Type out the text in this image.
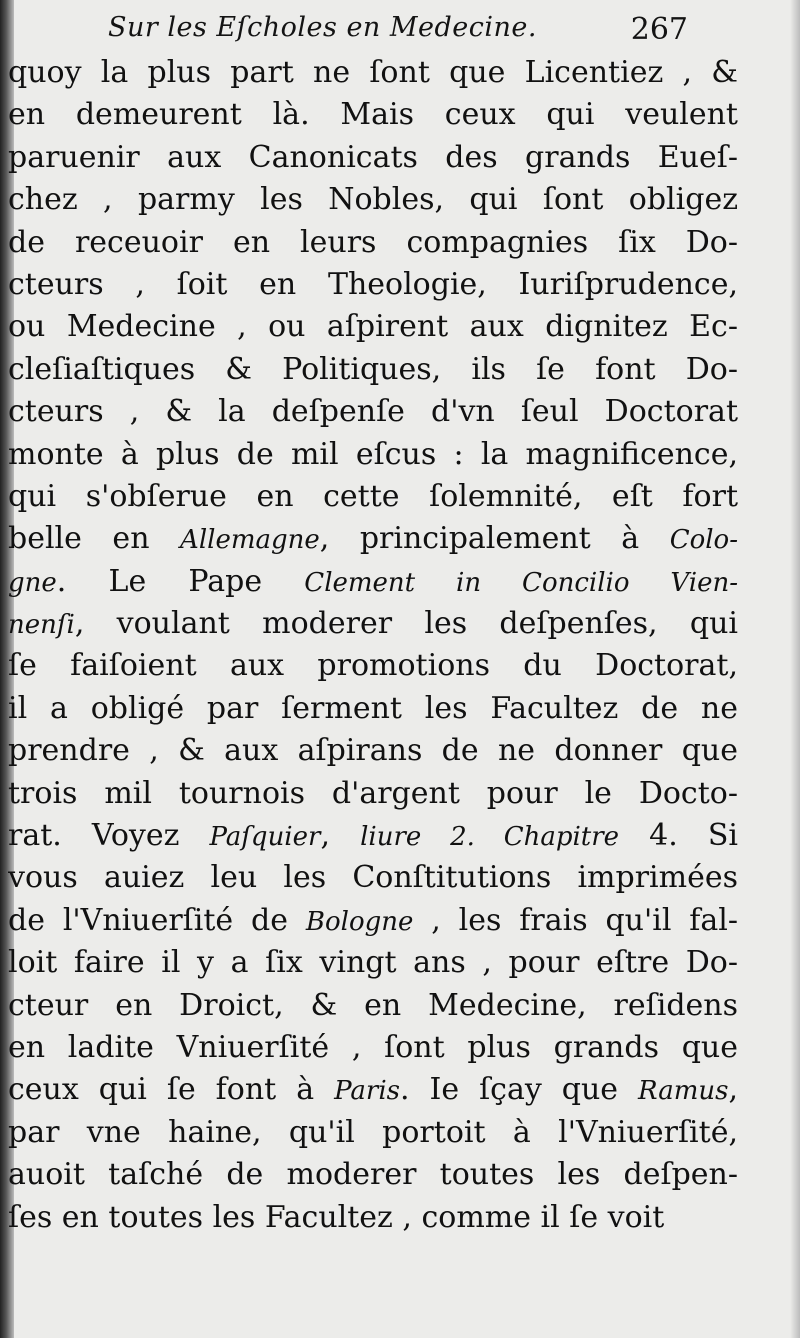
Sur les Eſcholes en Medecine.	267
quoy la plus part ne ſont que Licentiez , &
en demeurent là. Mais ceux qui veulent
paruenir aux Canonicats des grands Eueſ-
chez , parmy les Nobles, qui ſont obligez
de receuoir en leurs compagnies ſix Do-
cteurs , ſoit en Theologie, Iuriſprudence,
ou Medecine , ou aſpirent aux dignitez Ec-
cleſiaſtiques & Politiques, ils ſe font Do-
cteurs , & la deſpenſe d'vn ſeul Doctorat
monte à plus de mil eſcus : la magnificence,
qui s'obſerue en cette ſolemnité, eſt fort
belle en Allemagne, principalement à Colo-
gne. Le Pape Clement in Concilio Vien-
nenſi, voulant moderer les deſpenſes, qui
ſe faiſoient aux promotions du Doctorat,
il a obligé par ſerment les Facultez de ne
prendre , & aux aſpirans de ne donner que
trois mil tournois d'argent pour le Docto-
rat. Voyez Paſquier, liure 2. Chapitre 4. Si
vous auiez leu les Conſtitutions imprimées
de l'Vniuerſité de Bologne , les frais qu'il fal-
loit faire il y a ſix vingt ans , pour eſtre Do-
cteur en Droict, & en Medecine, reſidens
en ladite Vniuerſité , ſont plus grands que
ceux qui ſe font à Paris. Ie ſçay que Ramus,
par vne haine, qu'il portoit à l'Vniuerſité,
auoit taſché de moderer toutes les deſpen-
ſes en toutes les Facultez , comme il ſe voit
